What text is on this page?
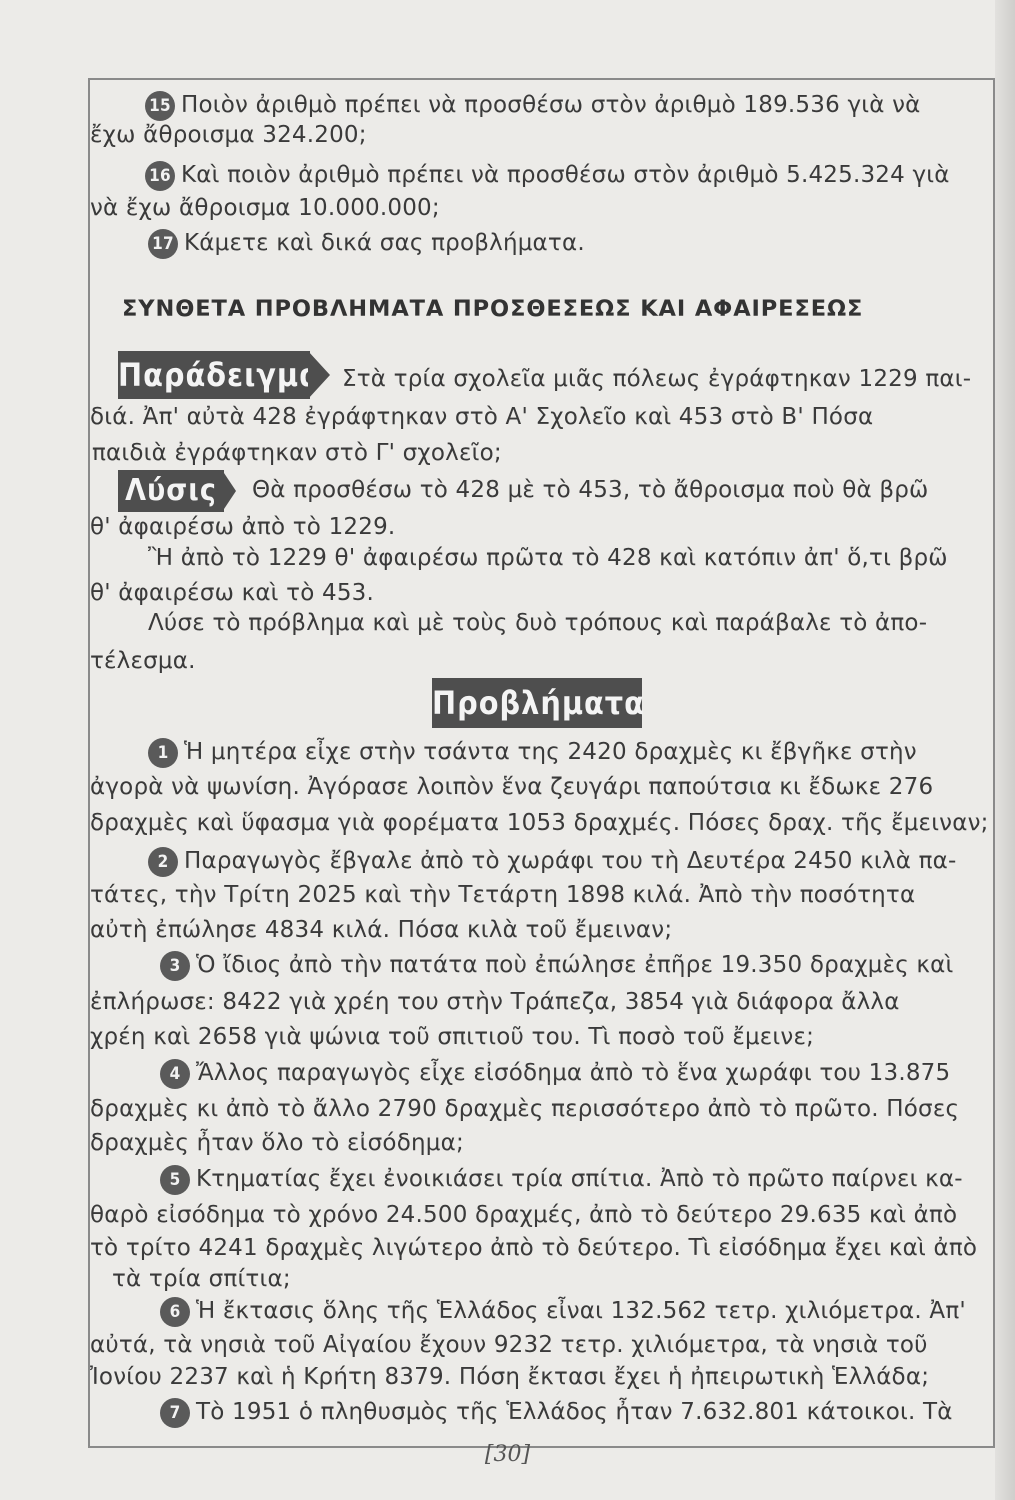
15 Ποιὸν ἀριθμὸ πρέπει νὰ προσθέσω στὸν ἀριθμὸ 189.536 γιὰ νὰ
ἔχω ἄθροισμα 324.200;
16 Καὶ ποιὸν ἀριθμὸ πρέπει νὰ προσθέσω στὸν ἀριθμὸ 5.425.324 γιὰ
νὰ ἔχω ἄθροισμα 10.000.000;
17 Κάμετε καὶ δικά σας προβλήματα.
ΣΥΝΘΕΤΑ ΠΡΟΒΛΗΜΑΤΑ ΠΡΟΣΘΕΣΕΩΣ ΚΑΙ ΑΦΑΙΡΕΣΕΩΣ
Παράδειγμα Στὰ τρία σχολεῖα μιᾶς πόλεως ἐγράφτηκαν 1229 παι-
διά. Ἀπ' αὐτὰ 428 ἐγράφτηκαν στὸ Α' Σχολεῖο καὶ 453 στὸ Β' Πόσα
παιδιὰ ἐγράφτηκαν στὸ Γ' σχολεῖο;
Λύσις	Θὰ προσθέσω τὸ 428 μὲ τὸ 453, τὸ ἄθροισμα ποὺ θὰ βρῶ
θ' ἀφαιρέσω ἀπὸ τὸ 1229.
Ἢ ἀπὸ τὸ 1229 θ' ἀφαιρέσω πρῶτα τὸ 428 καὶ κατόπιν ἀπ' ὅ,τι βρῶ
θ' ἀφαιρέσω καὶ τὸ 453.
Λύσε τὸ πρόβλημα καὶ μὲ τοὺς δυὸ τρόπους καὶ παράβαλε τὸ ἀπο-
τέλεσμα.
Προβλήματα
1 Ἡ μητέρα εἶχε στὴν τσάντα της 2420 δραχμὲς κι ἔβγῆκε στὴν
ἀγορὰ νὰ ψωνίση. Ἀγόρασε λοιπὸν ἕνα ζευγάρι παπούτσια κι ἔδωκε 276
δραχμὲς καὶ ὕφασμα γιὰ φορέματα 1053 δραχμές. Πόσες δραχ. τῆς ἔμειναν;
2 Παραγωγὸς ἔβγαλε ἀπὸ τὸ χωράφι του τὴ Δευτέρα 2450 κιλὰ πα-
τάτες, τὴν Τρίτη 2025 καὶ τὴν Τετάρτη 1898 κιλά. Ἀπὸ τὴν ποσότητα
αὐτὴ ἐπώλησε 4834 κιλά. Πόσα κιλὰ τοῦ ἔμειναν;
3 Ὁ ἴδιος ἀπὸ τὴν πατάτα ποὺ ἐπώλησε ἐπῆρε 19.350 δραχμὲς καὶ
ἐπλήρωσε: 8422 γιὰ χρέη του στὴν Τράπεζα, 3854 γιὰ διάφορα ἄλλα
χρέη καὶ 2658 γιὰ ψώνια τοῦ σπιτιοῦ του. Τὶ ποσὸ τοῦ ἔμεινε;
4 Ἄλλος παραγωγὸς εἶχε εἰσόδημα ἀπὸ τὸ ἕνα χωράφι του 13.875
δραχμὲς κι ἀπὸ τὸ ἄλλο 2790 δραχμὲς περισσότερο ἀπὸ τὸ πρῶτο. Πόσες
δραχμὲς ἦταν ὅλο τὸ εἰσόδημα;
5 Κτηματίας ἔχει ἐνοικιάσει τρία σπίτια. Ἀπὸ τὸ πρῶτο παίρνει κα-
θαρὸ εἰσόδημα τὸ χρόνο 24.500 δραχμές, ἀπὸ τὸ δεύτερο 29.635 καὶ ἀπὸ
τὸ τρίτο 4241 δραχμὲς λιγώτερο ἀπὸ τὸ δεύτερο. Τὶ εἰσόδημα ἔχει καὶ ἀπὸ
τὰ τρία σπίτια;
6 Ἡ ἔκτασις ὅλης τῆς Ἑλλάδος εἶναι 132.562 τετρ. χιλιόμετρα. Ἀπ'
αὐτά, τὰ νησιὰ τοῦ Αἰγαίου ἔχουν 9232 τετρ. χιλιόμετρα, τὰ νησιὰ τοῦ
Ἰονίου 2237 καὶ ἡ Κρήτη 8379. Πόση ἔκτασι ἔχει ἡ ἠπειρωτικὴ Ἑλλάδα;
7 Τὸ 1951 ὁ πληθυσμὸς τῆς Ἑλλάδος ἦταν 7.632.801 κάτοικοι. Τὰ
[30]
